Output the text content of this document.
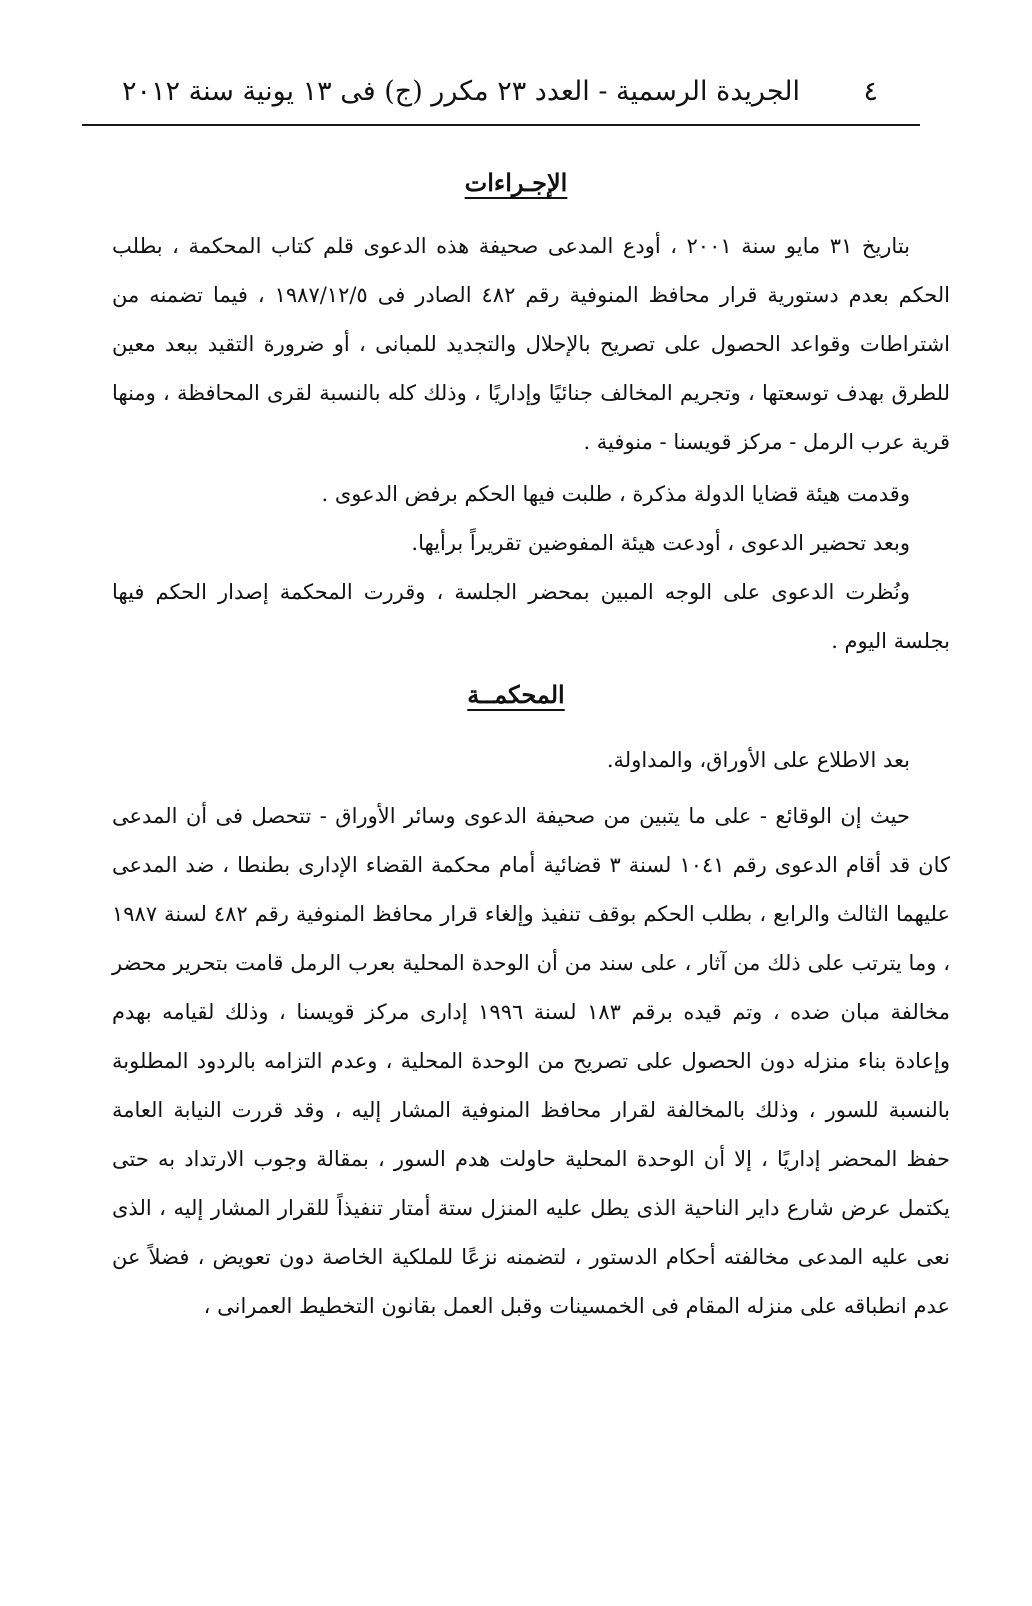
٤
الجريدة الرسمية - العدد ٢٣ مكرر (ج) فى ١٣ يونية سنة ٢٠١٢
الإجـراءات

بتاريخ ٣١ مايو سنة ٢٠٠١ ، أودع المدعى صحيفة هذه الدعوى قلم كتاب المحكمة ، بطلب الحكم بعدم دستورية قرار محافظ المنوفية رقم ٤٨٢ الصادر فى ١٩٨٧/١٢/٥ ، فيما تضمنه من اشتراطات وقواعد الحصول على تصريح بالإحلال والتجديد للمبانى ، أو ضرورة التقيد ببعد معين للطرق بهدف توسعتها ، وتجريم المخالف جنائيًا وإداريًا ، وذلك كله بالنسبة لقرى المحافظة ، ومنها قرية عرب الرمل - مركز قويسنا - منوفية .

وقدمت هيئة قضايا الدولة مذكرة ، طلبت فيها الحكم برفض الدعوى .

وبعد تحضير الدعوى ، أودعت هيئة المفوضين تقريراً برأيها.

ونُظرت الدعوى على الوجه المبين بمحضر الجلسة ، وقررت المحكمة إصدار الحكم فيها بجلسة اليوم .

المحكمــة

بعد الاطلاع على الأوراق، والمداولة.

حيث إن الوقائع - على ما يتبين من صحيفة الدعوى وسائر الأوراق - تتحصل فى أن المدعى كان قد أقام الدعوى رقم ١٠٤١ لسنة ٣ قضائية أمام محكمة القضاء الإدارى بطنطا ، ضد المدعى عليهما الثالث والرابع ، بطلب الحكم بوقف تنفيذ وإلغاء قرار محافظ المنوفية رقم ٤٨٢ لسنة ١٩٨٧ ، وما يترتب على ذلك من آثار ، على سند من أن الوحدة المحلية بعرب الرمل قامت بتحرير محضر مخالفة مبان ضده ، وتم قيده برقم ١٨٣ لسنة ١٩٩٦ إدارى مركز قويسنا ، وذلك لقيامه بهدم وإعادة بناء منزله دون الحصول على تصريح من الوحدة المحلية ، وعدم التزامه بالردود المطلوبة بالنسبة للسور ، وذلك بالمخالفة لقرار محافظ المنوفية المشار إليه ، وقد قررت النيابة العامة حفظ المحضر إداريًا ، إلا أن الوحدة المحلية حاولت هدم السور ، بمقالة وجوب الارتداد به حتى يكتمل عرض شارع داير الناحية الذى يطل عليه المنزل ستة أمتار تنفيذاً للقرار المشار إليه ، الذى نعى عليه المدعى مخالفته أحكام الدستور ، لتضمنه نزعًا للملكية الخاصة دون تعويض ، فضلاً عن عدم انطباقه على منزله المقام فى الخمسينات وقبل العمل بقانون التخطيط العمرانى ،
